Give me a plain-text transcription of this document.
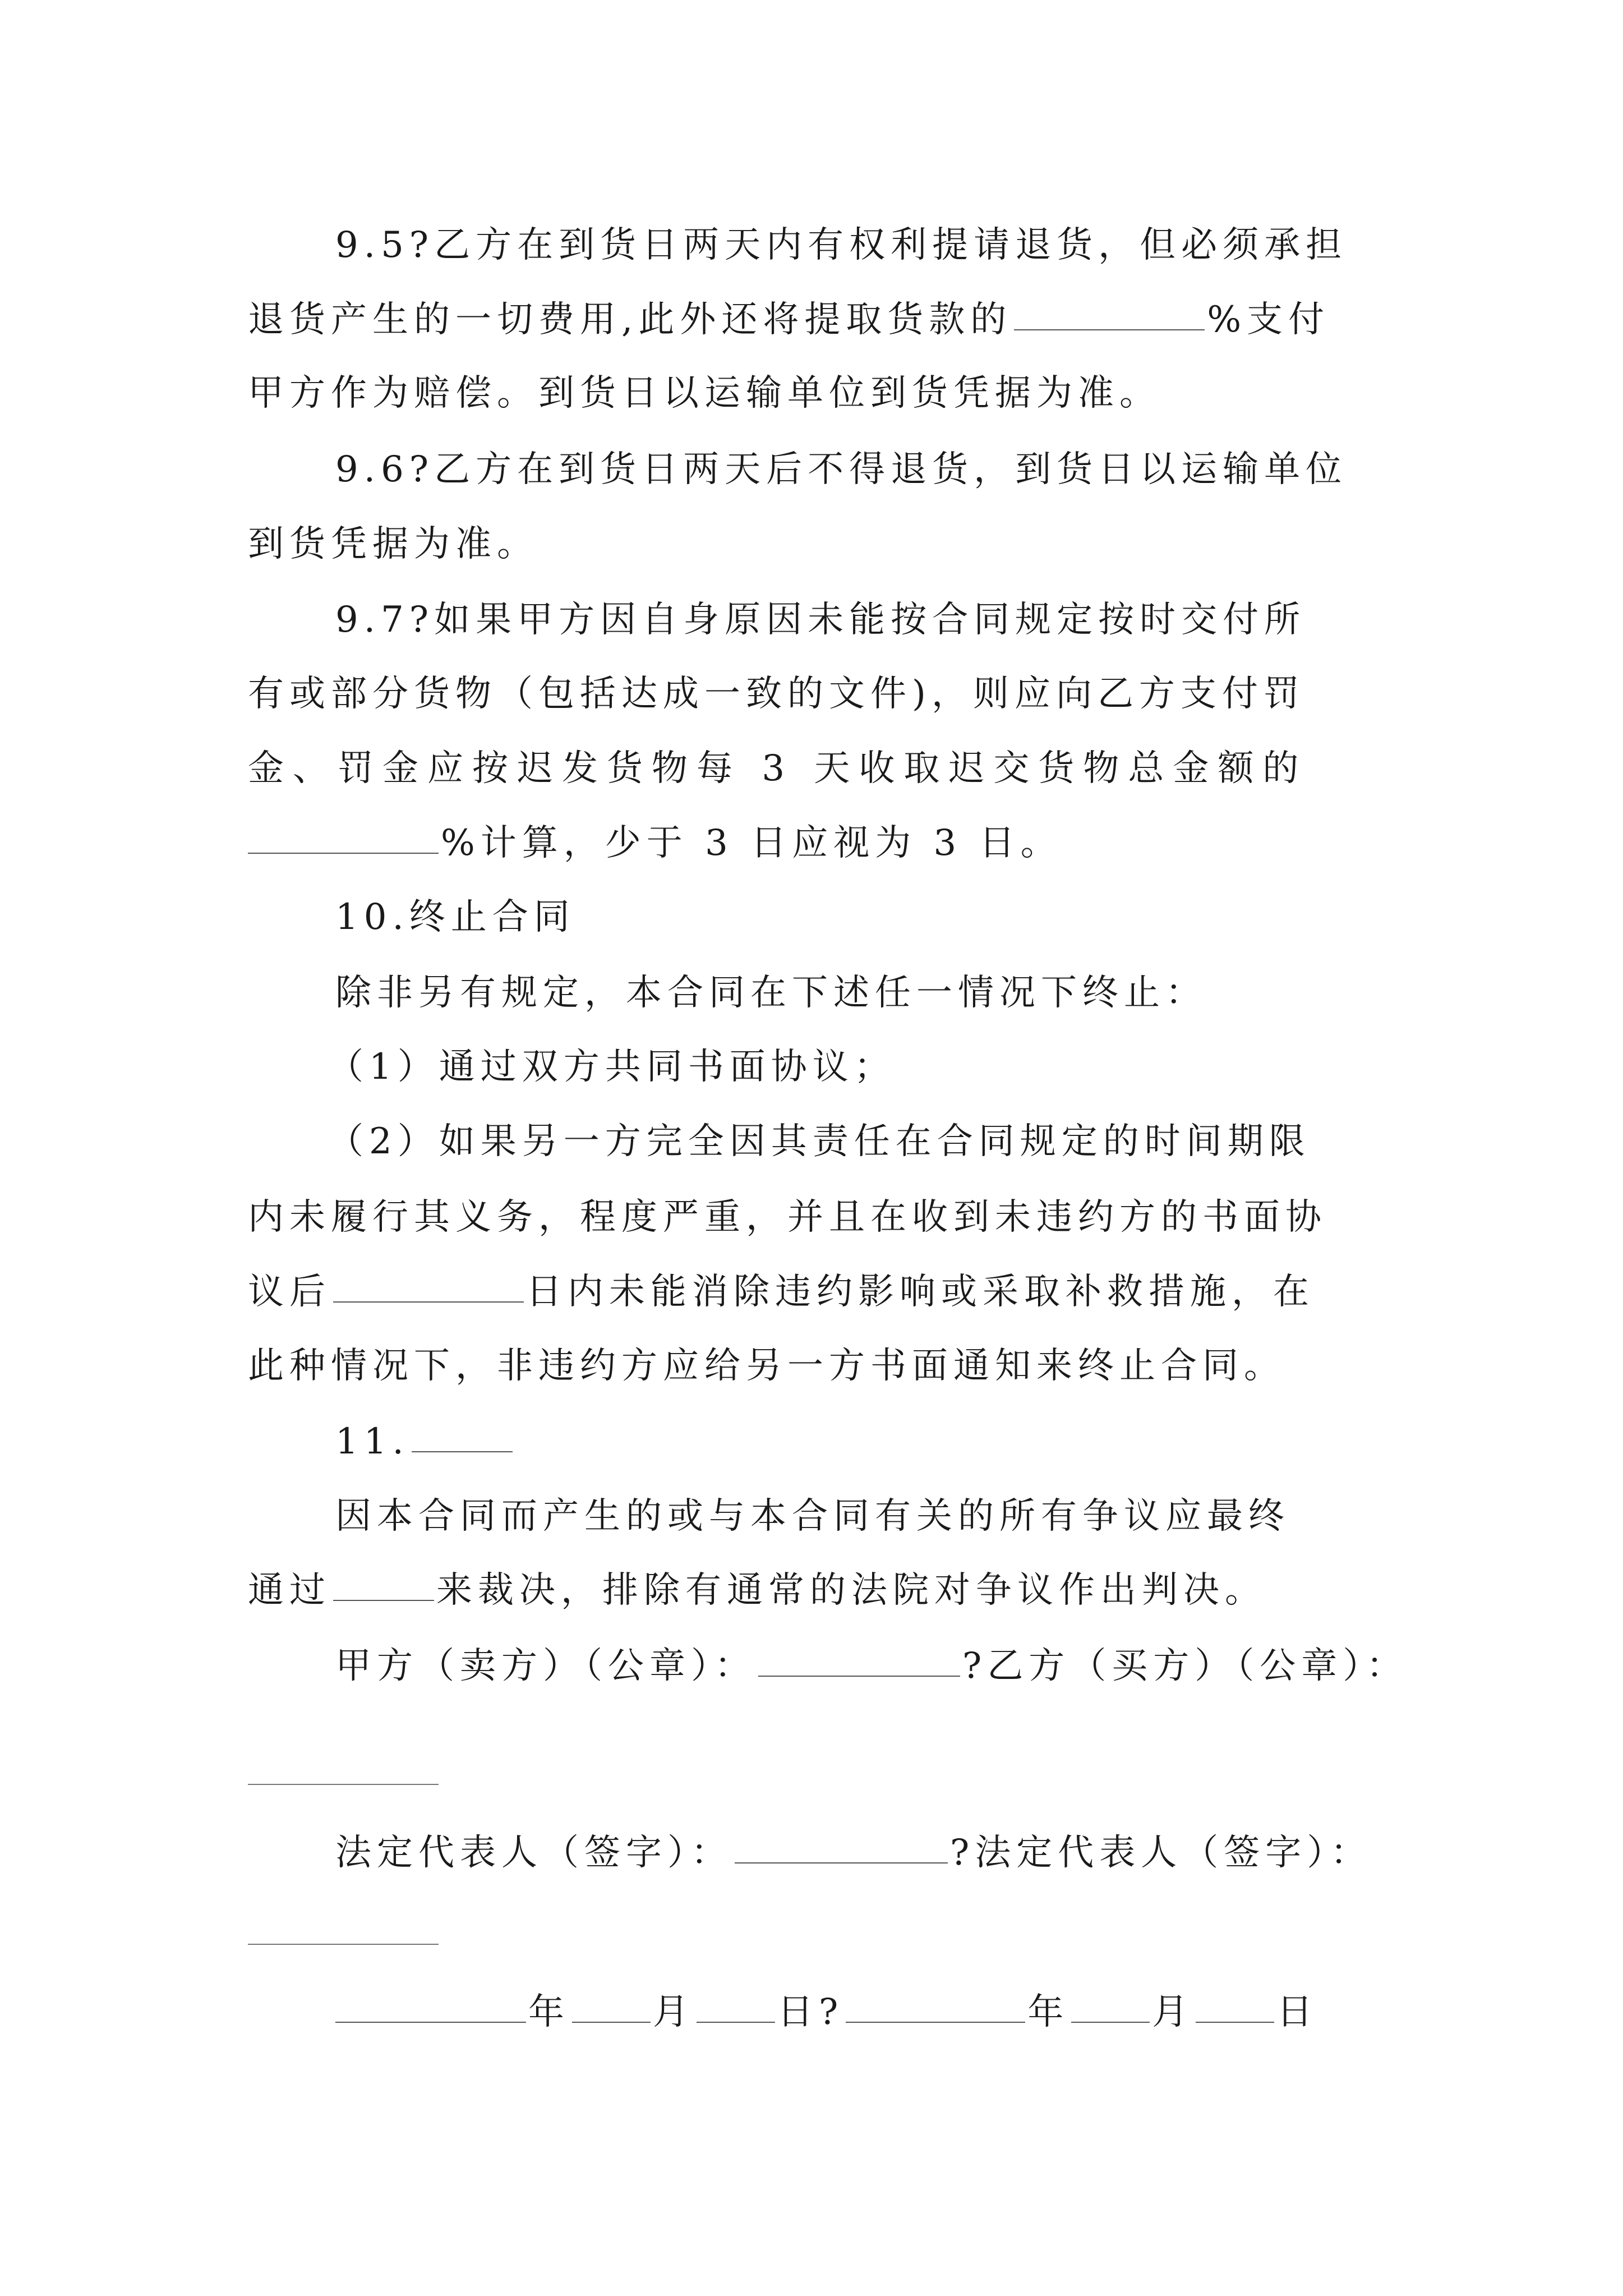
9.5?乙方在到货日两天内有权利提请退货，但必须承担
退货产生的一切费用,此外还将提取货款的	%支付
甲方作为赔偿。到货日以运输单位到货凭据为准。
9.6?乙方在到货日两天后不得退货，到货日以运输单位
到货凭据为准。
9.7?如果甲方因自身原因未能按合同规定按时交付所
有或部分货物（包括达成一致的文件)，则应向乙方支付罚
金、罚金应按迟发货物每 3 天收取迟交货物总金额的
%计算，少于 3 日应视为 3 日。
10.终止合同
除非另有规定，本合同在下述任一情况下终止：
（1）通过双方共同书面协议；
（2）如果另一方完全因其责任在合同规定的时间期限
内未履行其义务，程度严重，并且在收到未违约方的书面协
议后	日内未能消除违约影响或采取补救措施，在
此种情况下，非违约方应给另一方书面通知来终止合同。
11.
因本合同而产生的或与本合同有关的所有争议应最终
通过	来裁决，排除有通常的法院对争议作出判决。
甲方（卖方）（公章）：	?乙方（买方）（公章）：
法定代表人（签字）：	?法定代表人（签字）：
年 月 日?	年 月 日
